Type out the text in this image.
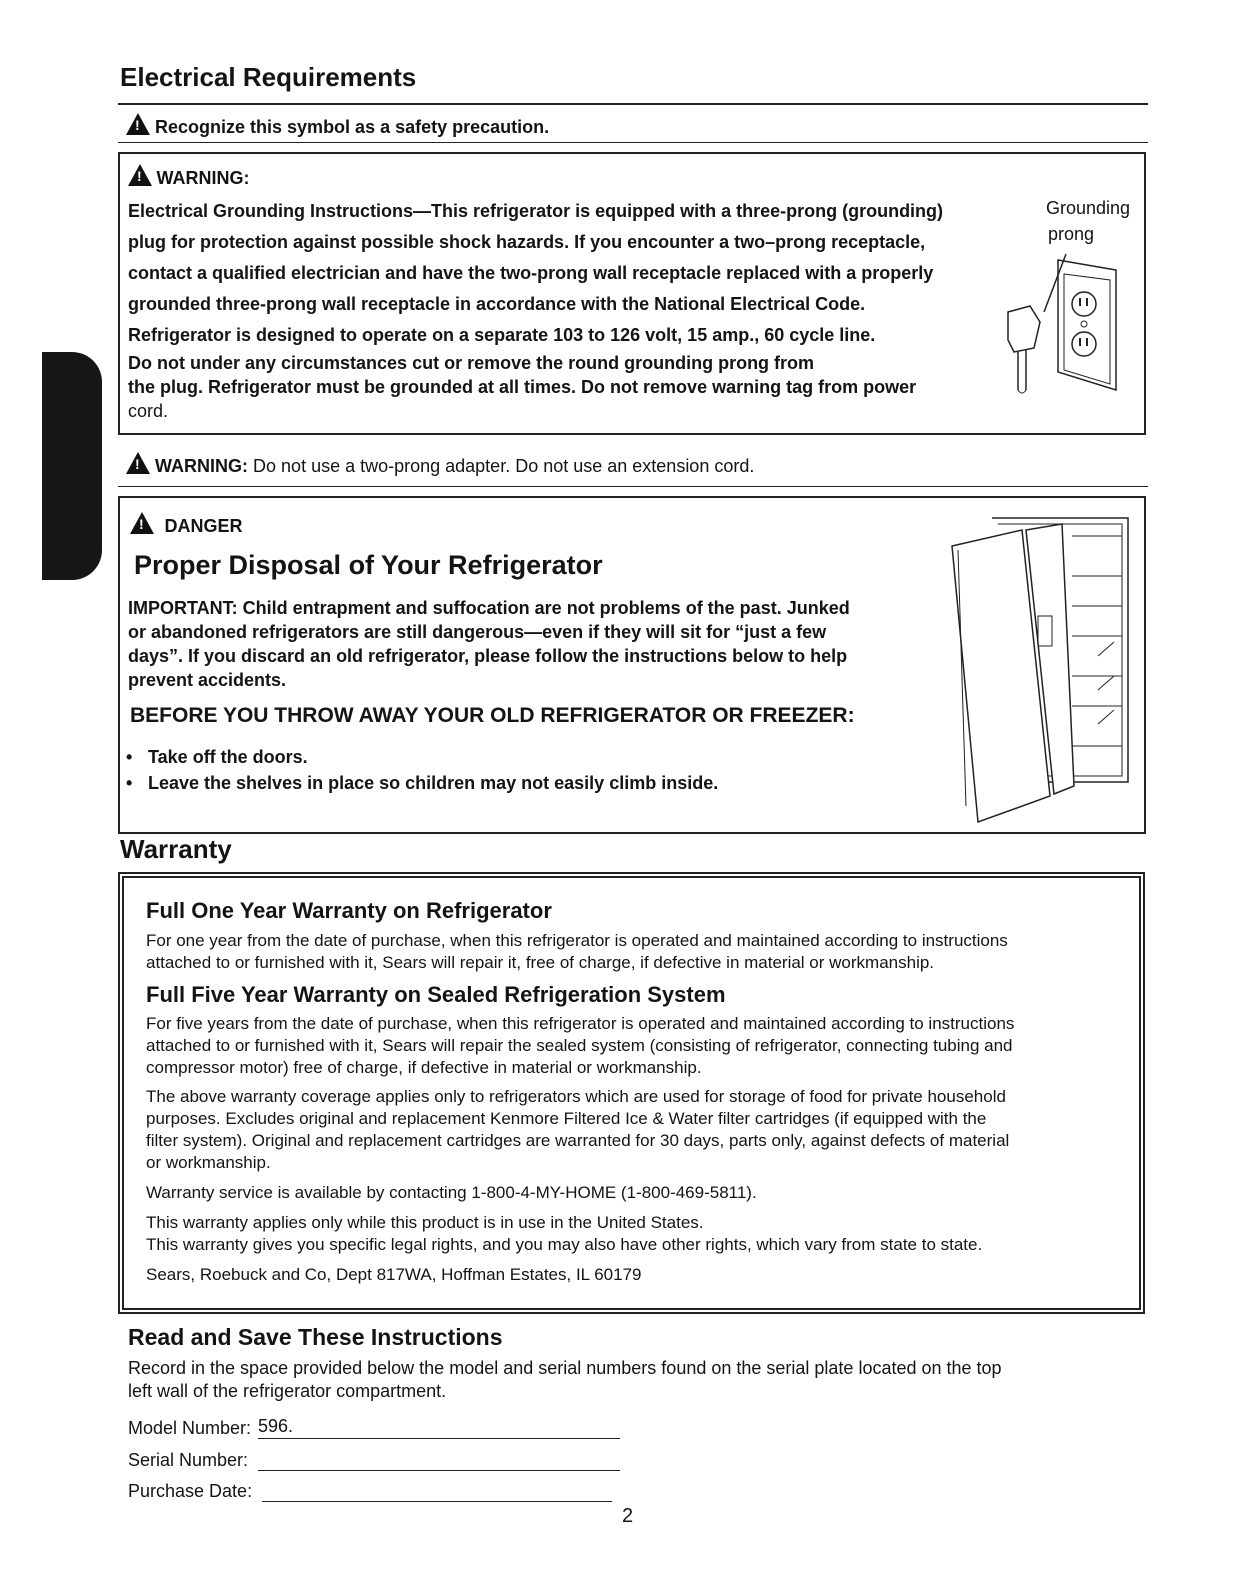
English
Electrical Requirements
! Recognize this symbol as a safety precaution.
! WARNING:

Electrical Grounding Instructions—This refrigerator is equipped with a three-prong (grounding)

plug for protection against possible shock hazards. If you encounter a two–prong receptacle,

contact a qualified electrician and have the two-prong wall receptacle replaced with a properly

grounded three-prong wall receptacle in accordance with the National Electrical Code.

Refrigerator is designed to operate on a separate 103 to 126 volt, 15 amp., 60 cycle line.

Do not under any circumstances cut or remove the round grounding prong from

the plug. Refrigerator must be grounded at all times. Do not remove warning tag from power

cord.

Grounding
prong
! WARNING: Do not use a two-prong adapter. Do not use an extension cord.
! DANGER
Proper Disposal of Your Refrigerator

IMPORTANT: Child entrapment and suffocation are not problems of the past. Junked

or abandoned refrigerators are still dangerous—even if they will sit for “just a few

days”. If you discard an old refrigerator, please follow the instructions below to help

prevent accidents.

BEFORE YOU THROW AWAY YOUR OLD REFRIGERATOR OR FREEZER:
• Take off the doors.
• Leave the shelves in place so children may not easily climb inside.
Warranty
Full One Year Warranty on Refrigerator

For one year from the date of purchase, when this refrigerator is operated and maintained according to instructions

attached to or furnished with it, Sears will repair it, free of charge, if defective in material or workmanship.

Full Five Year Warranty on Sealed Refrigeration System

For five years from the date of purchase, when this refrigerator is operated and maintained according to instructions

attached to or furnished with it, Sears will repair the sealed system (consisting of refrigerator, connecting tubing and

compressor motor) free of charge, if defective in material or workmanship.

The above warranty coverage applies only to refrigerators which are used for storage of food for private household

purposes. Excludes original and replacement Kenmore Filtered Ice & Water filter cartridges (if equipped with the

filter system). Original and replacement cartridges are warranted for 30 days, parts only, against defects of material

or workmanship.

Warranty service is available by contacting 1-800-4-MY-HOME (1-800-469-5811).

This warranty applies only while this product is in use in the United States.

This warranty gives you specific legal rights, and you may also have other rights, which vary from state to state.

Sears, Roebuck and Co, Dept 817WA, Hoffman Estates, IL 60179

Read and Save These Instructions

Record in the space provided below the model and serial numbers found on the serial plate located on the top

left wall of the refrigerator compartment.

Model Number: 596.
Serial Number:
Purchase Date:
2
